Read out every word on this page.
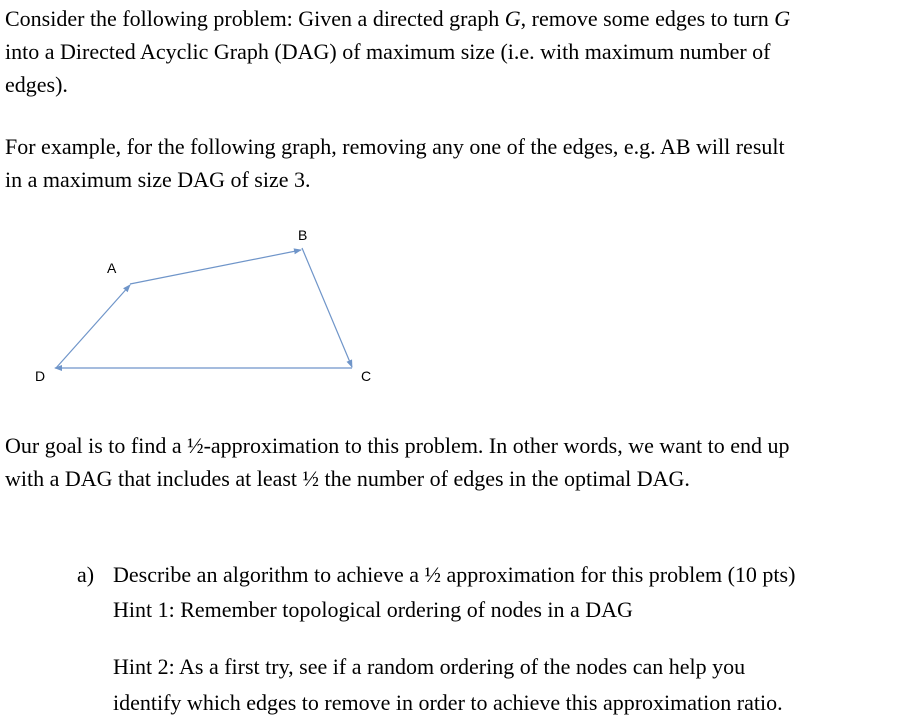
Consider the following problem: Given a directed graph G, remove some edges to turn G
into a Directed Acyclic Graph (DAG) of maximum size (i.e. with maximum number of
edges).

For example, for the following graph, removing any one of the edges, e.g. AB will result
in a maximum size DAG of size 3.

A
B
C
D

Our goal is to find a ½-approximation to this problem. In other words, we want to end up
with a DAG that includes at least ½ the number of edges in the optimal DAG.

a) Describe an algorithm to achieve a ½ approximation for this problem (10 pts)

Hint 1: Remember topological ordering of nodes in a DAG

Hint 2: As a first try, see if a random ordering of the nodes can help you

identify which edges to remove in order to achieve this approximation ratio.
